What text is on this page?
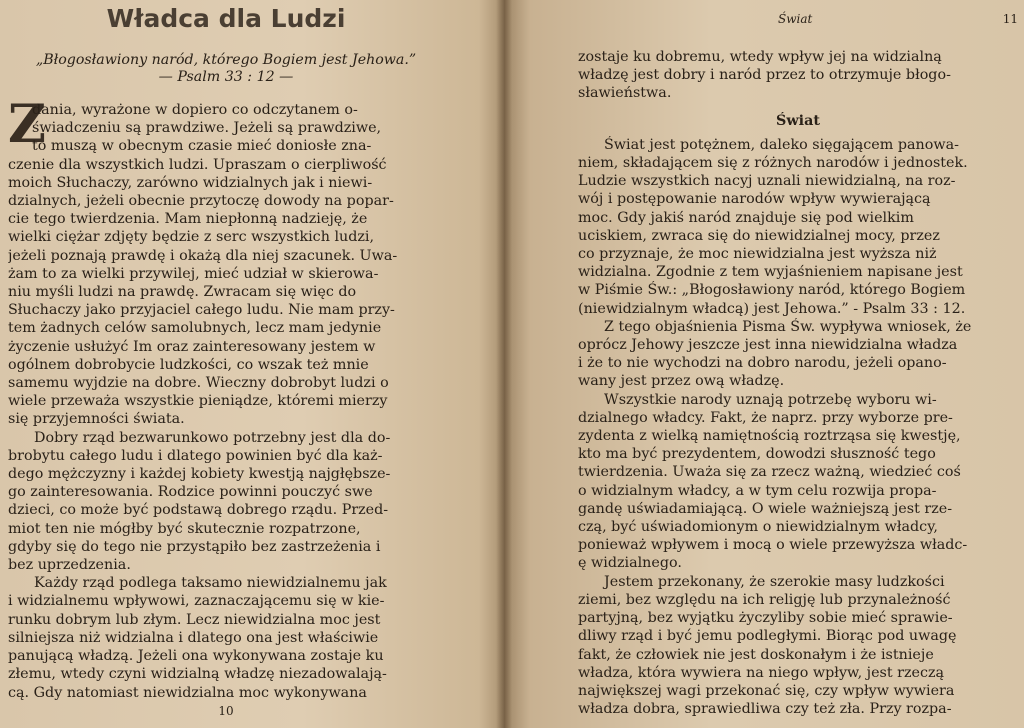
Władca dla Ludzi
„Błogosławiony naród, którego Bogiem jest Jehowa.”
— Psalm 33 : 12 —
Z
dania, wyrażone w dopiero co odczytanem o-
świadczeniu są prawdziwe. Jeżeli są prawdziwe,
to muszą w obecnym czasie mieć doniosłe zna-
czenie dla wszystkich ludzi. Upraszam o cierpliwość
moich Słuchaczy, zarówno widzialnych jak i niewi-
dzialnych, jeżeli obecnie przytoczę dowody na popar-
cie tego twierdzenia. Mam niepłonną nadzieję, że
wielki ciężar zdjęty będzie z serc wszystkich ludzi,
jeżeli poznają prawdę i okażą dla niej szacunek. Uwa-
żam to za wielki przywilej, mieć udział w skierowa-
niu myśli ludzi na prawdę. Zwracam się więc do
Słuchaczy jako przyjaciel całego ludu. Nie mam przy-
tem żadnych celów samolubnych, lecz mam jedynie
życzenie usłużyć Im oraz zainteresowany jestem w
ogólnem dobrobycie ludzkości, co wszak też mnie
samemu wyjdzie na dobre. Wieczny dobrobyt ludzi o
wiele przeważa wszystkie pieniądze, któremi mierzy
się przyjemności świata.
Dobry rząd bezwarunkowo potrzebny jest dla do-
brobytu całego ludu i dlatego powinien być dla każ-
dego mężczyzny i każdej kobiety kwestją najgłębsze-
go zainteresowania. Rodzice powinni pouczyć swe
dzieci, co może być podstawą dobrego rządu. Przed-
miot ten nie mógłby być skutecznie rozpatrzone,
gdyby się do tego nie przystąpiło bez zastrzeżenia i
bez uprzedzenia.
Każdy rząd podlega taksamo niewidzialnemu jak
i widzialnemu wpływowi, zaznaczającemu się w kie-
runku dobrym lub złym. Lecz niewidzialna moc jest
silniejsza niż widzialna i dlatego ona jest właściwie
panującą władzą. Jeżeli ona wykonywana zostaje ku
złemu, wtedy czyni widzialną władzę niezadowalają-
cą. Gdy natomiast niewidzialna moc wykonywana
10
Świat	11
zostaje ku dobremu, wtedy wpływ jej na widzialną
władzę jest dobry i naród przez to otrzymuje błogo-
sławieństwa.
Świat
Świat jest potężnem, daleko sięgającem panowa-
niem, składającem się z różnych narodów i jednostek.
Ludzie wszystkich nacyj uznali niewidzialną, na roz-
wój i postępowanie narodów wpływ wywierającą
moc. Gdy jakiś naród znajduje się pod wielkim
uciskiem, zwraca się do niewidzialnej mocy, przez
co przyznaje, że moc niewidzialna jest wyższa niż
widzialna. Zgodnie z tem wyjaśnieniem napisane jest
w Piśmie Św.: „Błogosławiony naród, którego Bogiem
(niewidzialnym władcą) jest Jehowa.” - Psalm 33 : 12.
Z tego objaśnienia Pisma Św. wypływa wniosek, że
oprócz Jehowy jeszcze jest inna niewidzialna władza
i że to nie wychodzi na dobro narodu, jeżeli opano-
wany jest przez ową władzę.
Wszystkie narody uznają potrzebę wyboru wi-
dzialnego władcy. Fakt, że naprz. przy wyborze pre-
zydenta z wielką namiętnością roztrząsa się kwestję,
kto ma być prezydentem, dowodzi słuszność tego
twierdzenia. Uważa się za rzecz ważną, wiedzieć coś
o widzialnym władcy, a w tym celu rozwija propa-
gandę uświadamiającą. O wiele ważniejszą jest rze-
czą, być uświadomionym o niewidzialnym władcy,
ponieważ wpływem i mocą o wiele przewyższa władc-
ę widzialnego.
Jestem przekonany, że szerokie masy ludzkości
ziemi, bez względu na ich religję lub przynależność
partyjną, bez wyjątku życzyliby sobie mieć sprawie-
dliwy rząd i być jemu podległymi. Biorąc pod uwagę
fakt, że człowiek nie jest doskonałym i że istnieje
władza, która wywiera na niego wpływ, jest rzeczą
największej wagi przekonać się, czy wpływ wywiera
władza dobra, sprawiedliwa czy też zła. Przy rozpa-
